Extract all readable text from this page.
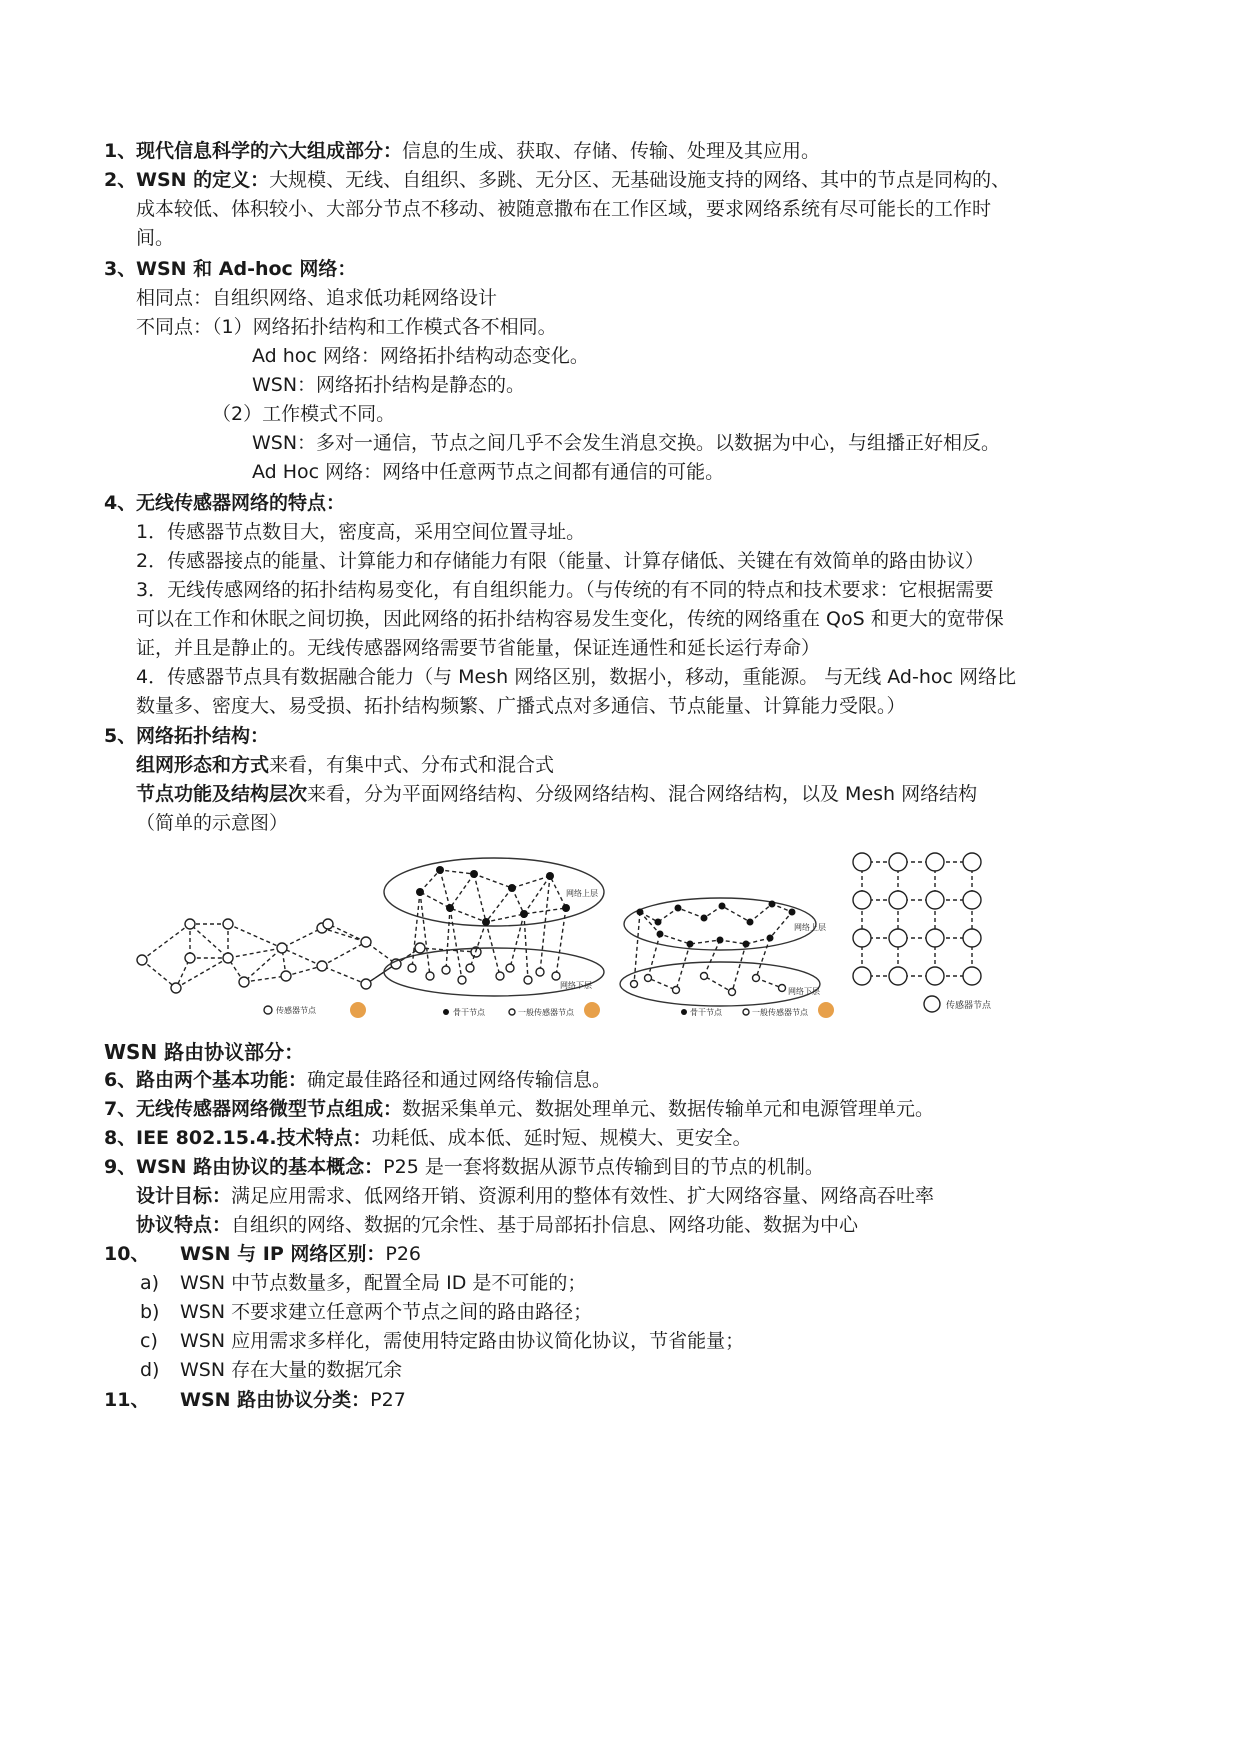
1、 现代信息科学的六大组成部分：信息的生成、获取、存储、传输、处理及其应用。
2、 WSN 的定义：大规模、无线、自组织、多跳、无分区、无基础设施支持的网络、其中的节点是同构的、
成本较低、体积较小、大部分节点不移动、被随意撒布在工作区域，要求网络系统有尽可能长的工作时
间。
3、 WSN 和 Ad-hoc 网络：
相同点：自组织网络、追求低功耗网络设计
不同点：（1）网络拓扑结构和工作模式各不相同。
Ad hoc 网络：网络拓扑结构动态变化。
WSN：网络拓扑结构是静态的。
（2）工作模式不同。
WSN：多对一通信，节点之间几乎不会发生消息交换。以数据为中心，与组播正好相反。
Ad Hoc 网络：网络中任意两节点之间都有通信的可能。
4、 无线传感器网络的特点：
1．传感器节点数目大，密度高，采用空间位置寻址。
2．传感器接点的能量、计算能力和存储能力有限（能量、计算存储低、关键在有效简单的路由协议）
3．无线传感网络的拓扑结构易变化，有自组织能力。（与传统的有不同的特点和技术要求：它根据需要
可以在工作和休眠之间切换，因此网络的拓扑结构容易发生变化，传统的网络重在 QoS 和更大的宽带保
证，并且是静止的。无线传感器网络需要节省能量，保证连通性和延长运行寿命）
4．传感器节点具有数据融合能力（与 Mesh 网络区别，数据小，移动，重能源。 与无线 Ad-hoc 网络比
数量多、密度大、易受损、拓扑结构频繁、广播式点对多通信、节点能量、计算能力受限。）
5、 网络拓扑结构：
组网形态和方式来看，有集中式、分布式和混合式
节点功能及结构层次来看，分为平面网络结构、分级网络结构、混合网络结构，以及 Mesh 网络结构
（简单的示意图）
传感器节点
网络上层
网络下层
骨干节点	一般传感器节点
网络上层
网络下层
骨干节点	一般传感器节点
传感器节点
WSN 路由协议部分：
6、 路由两个基本功能：确定最佳路径和通过网络传输信息。
7、 无线传感器网络微型节点组成：数据采集单元、数据处理单元、数据传输单元和电源管理单元。
8、 IEE 802.15.4.技术特点：功耗低、成本低、延时短、规模大、更安全。
9、 WSN 路由协议的基本概念：P25 是一套将数据从源节点传输到目的节点的机制。
设计目标：满足应用需求、低网络开销、资源利用的整体有效性、扩大网络容量、网络高吞吐率
协议特点：自组织的网络、数据的冗余性、基于局部拓扑信息、网络功能、数据为中心
10、 WSN 与 IP 网络区别：P26
a) WSN 中节点数量多，配置全局 ID 是不可能的；
b) WSN 不要求建立任意两个节点之间的路由路径；
c) WSN 应用需求多样化，需使用特定路由协议简化协议，节省能量；
d) WSN 存在大量的数据冗余
11、 WSN 路由协议分类：P27
